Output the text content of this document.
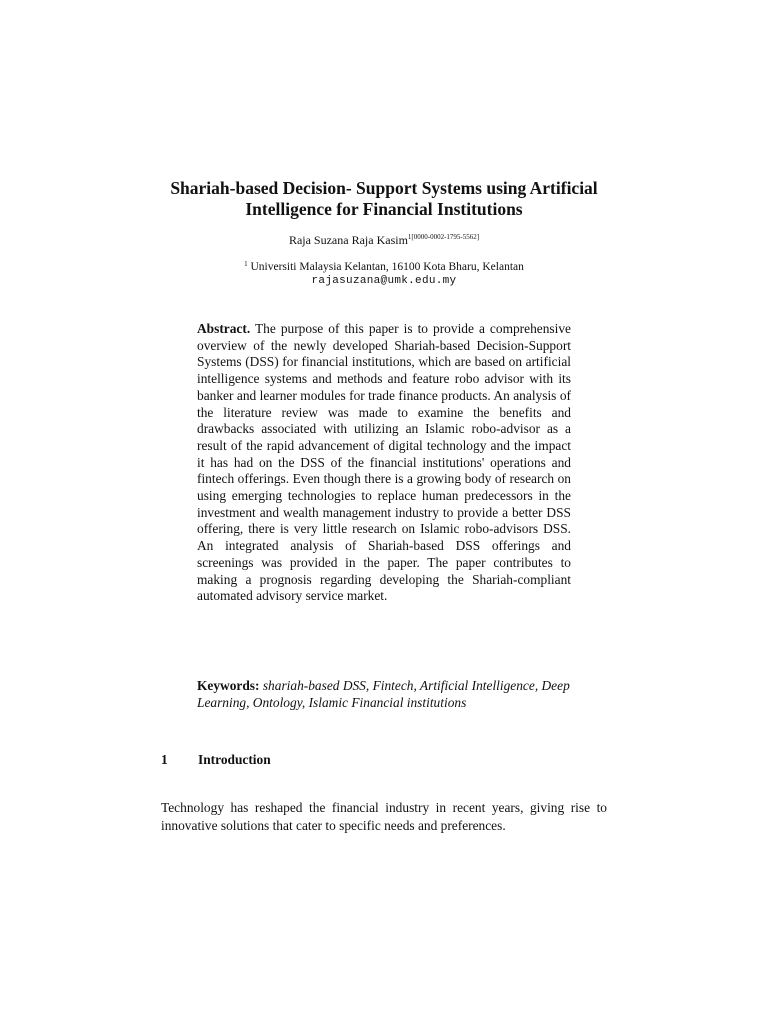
Shariah-based Decision- Support Systems using Artificial
Intelligence for Financial Institutions
Raja Suzana Raja Kasim$^{1[0000-0002-1795-5562]}$
$^1$ Universiti Malaysia Kelantan, 16100 Kota Bharu, Kelantan
rajasuzana@umk.edu.my
Abstract. The purpose of this paper is to provide a comprehensive overview of the newly developed Shariah-based Decision-Support Systems (DSS) for financial institutions, which are based on artificial intelligence systems and methods and feature robo advisor with its banker and learner modules for trade finance products. An analysis of the literature review was made to examine the benefits and drawbacks associated with utilizing an Islamic robo-advisor as a result of the rapid advancement of digital technology and the impact it has had on the DSS of the financial institutions' operations and fintech offerings. Even though there is a growing body of research on using emerging technologies to replace human predecessors in the investment and wealth management industry to provide a better DSS offering, there is very little research on Islamic robo-advisors DSS. An integrated analysis of Shariah-based DSS offerings and screenings was provided in the paper. The paper contributes to making a prognosis regarding developing the Shariah-compliant automated advisory service market.
Keywords: shariah-based DSS, Fintech, Artificial Intelligence, Deep Learning, Ontology, Islamic Financial institutions
1 Introduction
Technology has reshaped the financial industry in recent years, giving rise to innovative solutions that cater to specific needs and preferences.
